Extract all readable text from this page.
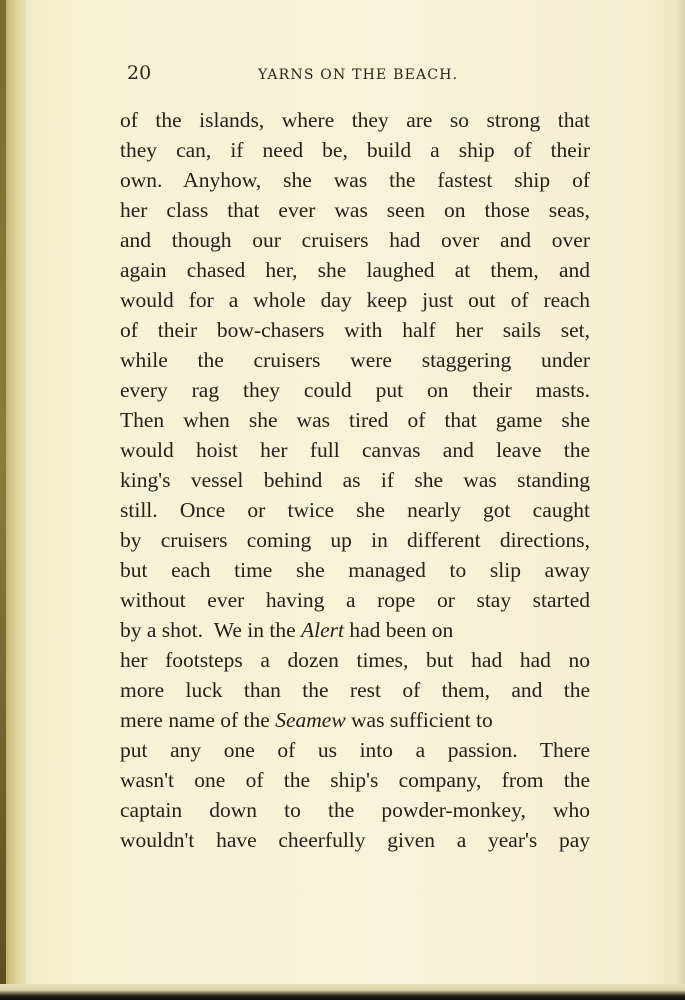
20	YARNS ON THE BEACH.
of the islands, where they are so strong that
they can, if need be, build a ship of their
own. Anyhow, she was the fastest ship of
her class that ever was seen on those seas,
and though our cruisers had over and over
again chased her, she laughed at them, and
would for a whole day keep just out of reach
of their bow-chasers with half her sails set,
while the cruisers were staggering under
every rag they could put on their masts.
Then when she was tired of that game she
would hoist her full canvas and leave the
king's vessel behind as if she was standing
still. Once or twice she nearly got caught
by cruisers coming up in different directions,
but each time she managed to slip away
without ever having a rope or stay started
by a shot. We in the Alert had been on
her footsteps a dozen times, but had had no
more luck than the rest of them, and the
mere name of the Seamew was sufficient to
put any one of us into a passion. There
wasn't one of the ship's company, from the
captain down to the powder-monkey, who
wouldn't have cheerfully given a year's pay
